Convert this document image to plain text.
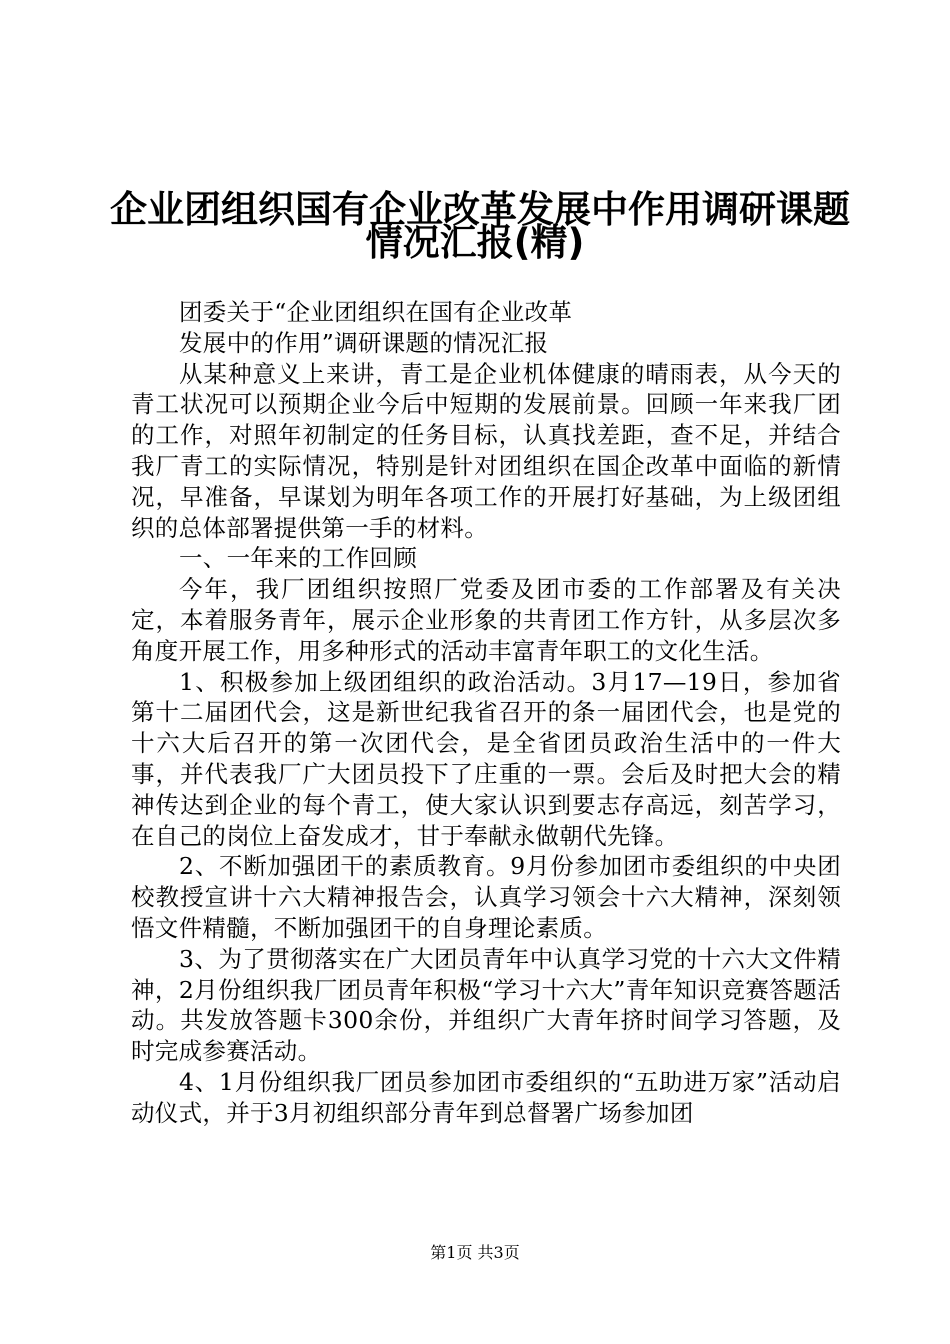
企业团组织国有企业改革发展中作用调研课题
情况汇报(精)

团委关于“企业团组织在国有企业改革

发展中的作用”调研课题的情况汇报

从某种意义上来讲，青工是企业机体健康的晴雨表，从今天的青工状况可以预期企业今后中短期的发展前景。回顾一年来我厂团的工作，对照年初制定的任务目标，认真找差距，查不足，并结合我厂青工的实际情况，特别是针对团组织在国企改革中面临的新情况，早准备，早谋划为明年各项工作的开展打好基础，为上级团组织的总体部署提供第一手的材料。

一、一年来的工作回顾

今年，我厂团组织按照厂党委及团市委的工作部署及有关决定，本着服务青年，展示企业形象的共青团工作方针，从多层次多角度开展工作，用多种形式的活动丰富青年职工的文化生活。

1、积极参加上级团组织的政治活动。3月17—19日，参加省第十二届团代会，这是新世纪我省召开的条一届团代会，也是党的十六大后召开的第一次团代会，是全省团员政治生活中的一件大事，并代表我厂广大团员投下了庄重的一票。会后及时把大会的精神传达到企业的每个青工，使大家认识到要志存高远，刻苦学习，在自己的岗位上奋发成才，甘于奉献永做朝代先锋。

2、不断加强团干的素质教育。9月份参加团市委组织的中央团校教授宣讲十六大精神报告会，认真学习领会十六大精神，深刻领悟文件精髓，不断加强团干的自身理论素质。

3、为了贯彻落实在广大团员青年中认真学习党的十六大文件精神，2月份组织我厂团员青年积极“学习十六大”青年知识竞赛答题活动。共发放答题卡300余份，并组织广大青年挤时间学习答题，及时完成参赛活动。

4、1月份组织我厂团员参加团市委组织的“五助进万家”活动启动仪式，并于3月初组织部分青年到总督署广场参加团

第1页 共3页
